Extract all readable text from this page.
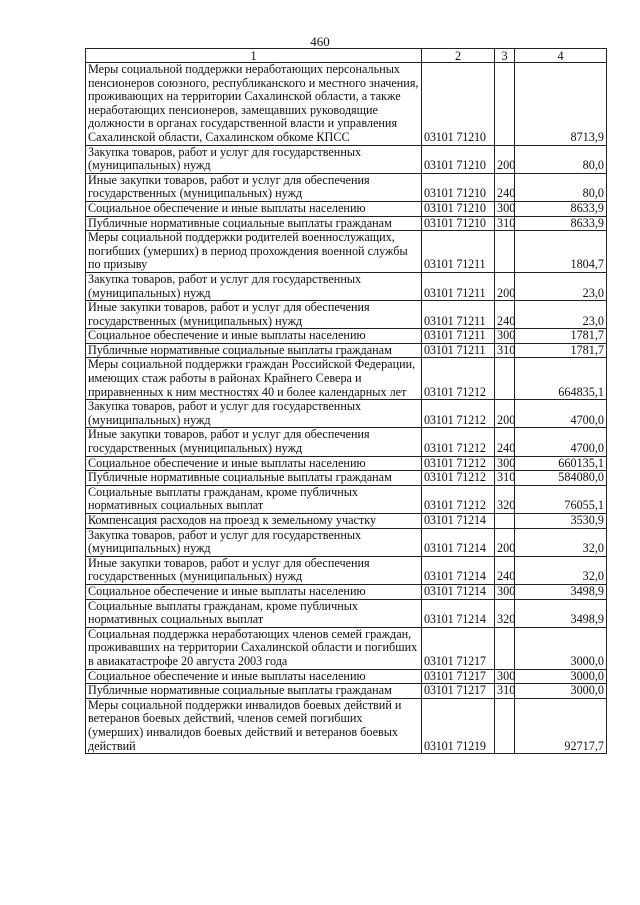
460
1	2	3	4
Меры социальной поддержки неработающих персональных пенсионеров союзного, республиканского и местного значения, проживающих на территории Сахалинской области, а также неработающих пенсионеров, замещавших руководящие должности в органах государственной власти и управления Сахалинской области, Сахалинском обкоме КПСС	03101 71210		8713,9
Закупка товаров, работ и услуг для государственных (муниципальных) нужд	03101 71210	200	80,0
Иные закупки товаров, работ и услуг для обеспечения государственных (муниципальных) нужд	03101 71210	240	80,0
Социальное обеспечение и иные выплаты населению	03101 71210	300	8633,9
Публичные нормативные социальные выплаты гражданам	03101 71210	310	8633,9
Меры социальной поддержки родителей военнослужащих, погибших (умерших) в период прохождения военной службы по призыву	03101 71211		1804,7
Закупка товаров, работ и услуг для государственных (муниципальных) нужд	03101 71211	200	23,0
Иные закупки товаров, работ и услуг для обеспечения государственных (муниципальных) нужд	03101 71211	240	23,0
Социальное обеспечение и иные выплаты населению	03101 71211	300	1781,7
Публичные нормативные социальные выплаты гражданам	03101 71211	310	1781,7
Меры социальной поддержки граждан Российской Федерации, имеющих стаж работы в районах Крайнего Севера и приравненных к ним местностях 40 и более календарных лет	03101 71212		664835,1
Закупка товаров, работ и услуг для государственных (муниципальных) нужд	03101 71212	200	4700,0
Иные закупки товаров, работ и услуг для обеспечения государственных (муниципальных) нужд	03101 71212	240	4700,0
Социальное обеспечение и иные выплаты населению	03101 71212	300	660135,1
Публичные нормативные социальные выплаты гражданам	03101 71212	310	584080,0
Социальные выплаты гражданам, кроме публичных нормативных социальных выплат	03101 71212	320	76055,1
Компенсация расходов на проезд к земельному участку	03101 71214		3530,9
Закупка товаров, работ и услуг для государственных (муниципальных) нужд	03101 71214	200	32,0
Иные закупки товаров, работ и услуг для обеспечения государственных (муниципальных) нужд	03101 71214	240	32,0
Социальное обеспечение и иные выплаты населению	03101 71214	300	3498,9
Социальные выплаты гражданам, кроме публичных нормативных социальных выплат	03101 71214	320	3498,9
Социальная поддержка неработающих членов семей граждан, проживавших на территории Сахалинской области и погибших в авиакатастрофе 20 августа 2003 года	03101 71217		3000,0
Социальное обеспечение и иные выплаты населению	03101 71217	300	3000,0
Публичные нормативные социальные выплаты гражданам	03101 71217	310	3000,0
Меры социальной поддержки инвалидов боевых действий и ветеранов боевых действий, членов семей погибших (умерших) инвалидов боевых действий и ветеранов боевых действий	03101 71219		92717,7
